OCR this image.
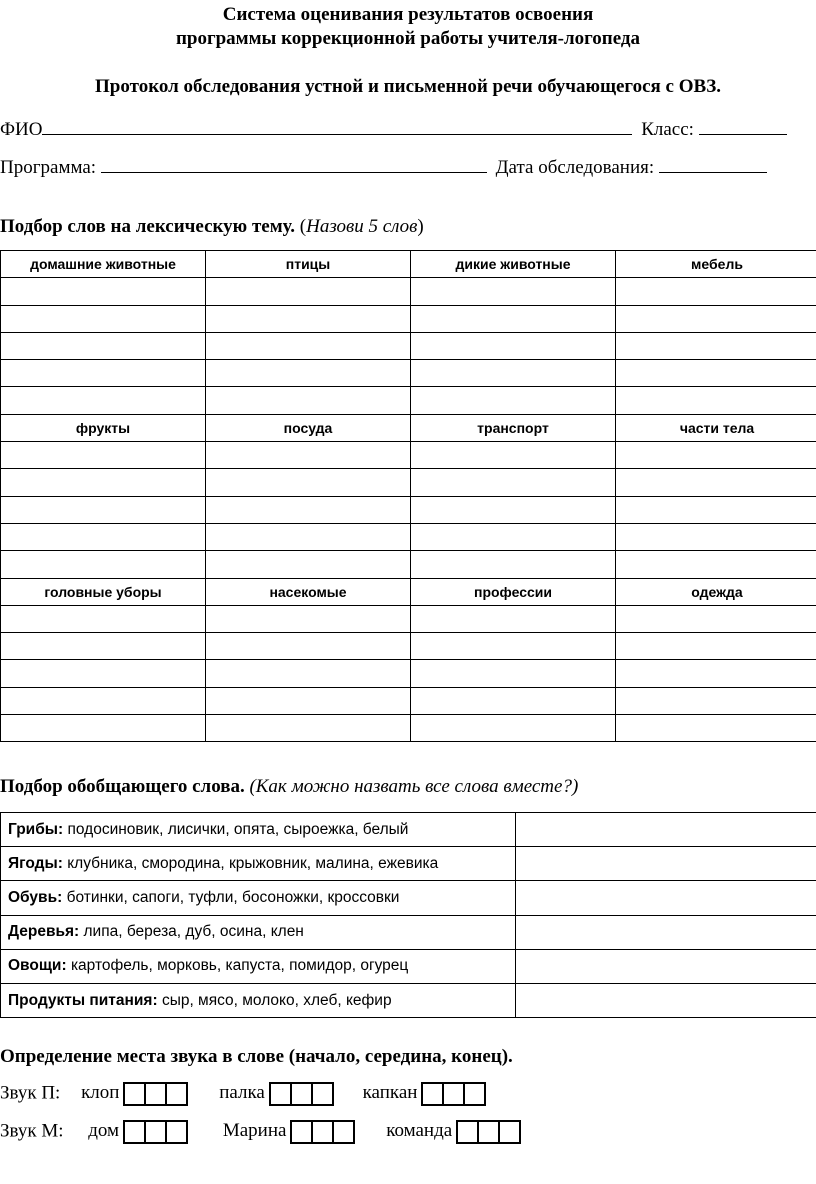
Система оценивания результатов освоения
программы коррекционной работы учителя-логопеда
Протокол обследования устной и письменной речи обучающегося с ОВЗ.
ФИО	Класс:
Программа:	Дата обследования:
Подбор слов на лексическую тему. (Назови 5 слов)
домашние животные	птицы	дикие животные	мебель

фрукты	посуда	транспорт	части тела

головные уборы	насекомые	профессии	одежда

Подбор обобщающего слова. (Как можно назвать все слова вместе?)
Грибы: подосиновик, лисички, опята, сыроежка, белый	
Ягоды: клубника, смородина, крыжовник, малина, ежевика	
Обувь: ботинки, сапоги, туфли, босоножки, кроссовки	
Деревья: липа, береза, дуб, осина, клен	
Овощи: картофель, морковь, капуста, помидор, огурец	
Продукты питания: сыр, мясо, молоко, хлеб, кефир	
Определение места звука в слове (начало, середина, конец).
Звук П: клоп	палка	капкан
Звук М: дом	Марина	команда
